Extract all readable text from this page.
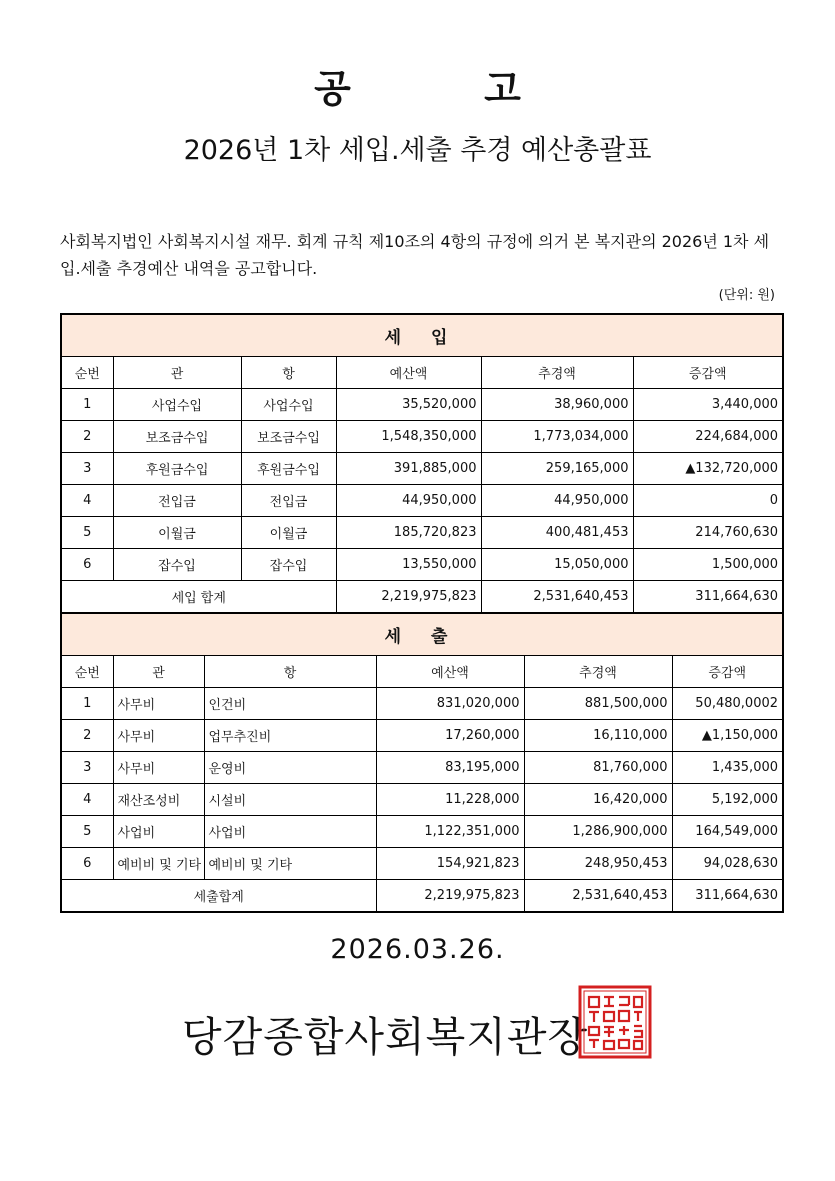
공 고
2026년 1차 세입.세출 추경 예산총괄표
사회복지법인 사회복지시설 재무. 회계 규칙 제10조의 4항의 규정에 의거 본 복지관의 2026년 1차 세입.세출 추경예산 내역을 공고합니다.
(단위: 원)
세 입					
순번	관	항	예산액	추경액	증감액
1	사업수입	사업수입	35,520,000	38,960,000	3,440,000
2	보조금수입	보조금수입	1,548,350,000	1,773,034,000	224,684,000
3	후원금수입	후원금수입	391,885,000	259,165,000	▲132,720,000
4	전입금	전입금	44,950,000	44,950,000	0
5	이월금	이월금	185,720,823	400,481,453	214,760,630
6	잡수입	잡수입	13,550,000	15,050,000	1,500,000
세입 합계			2,219,975,823	2,531,640,453	311,664,630
세 출					
순번	관	항	예산액	추경액	증감액
1	사무비	인건비	831,020,000	881,500,000	50,480,0002
2	사무비	업무추진비	17,260,000	16,110,000	▲1,150,000
3	사무비	운영비	83,195,000	81,760,000	1,435,000
4	재산조성비	시설비	11,228,000	16,420,000	5,192,000
5	사업비	사업비	1,122,351,000	1,286,900,000	164,549,000
6	예비비 및 기타	예비비 및 기타	154,921,823	248,950,453	94,028,630
세출합계			2,219,975,823	2,531,640,453	311,664,630
2026.03.26.
당감종합사회복지관장
